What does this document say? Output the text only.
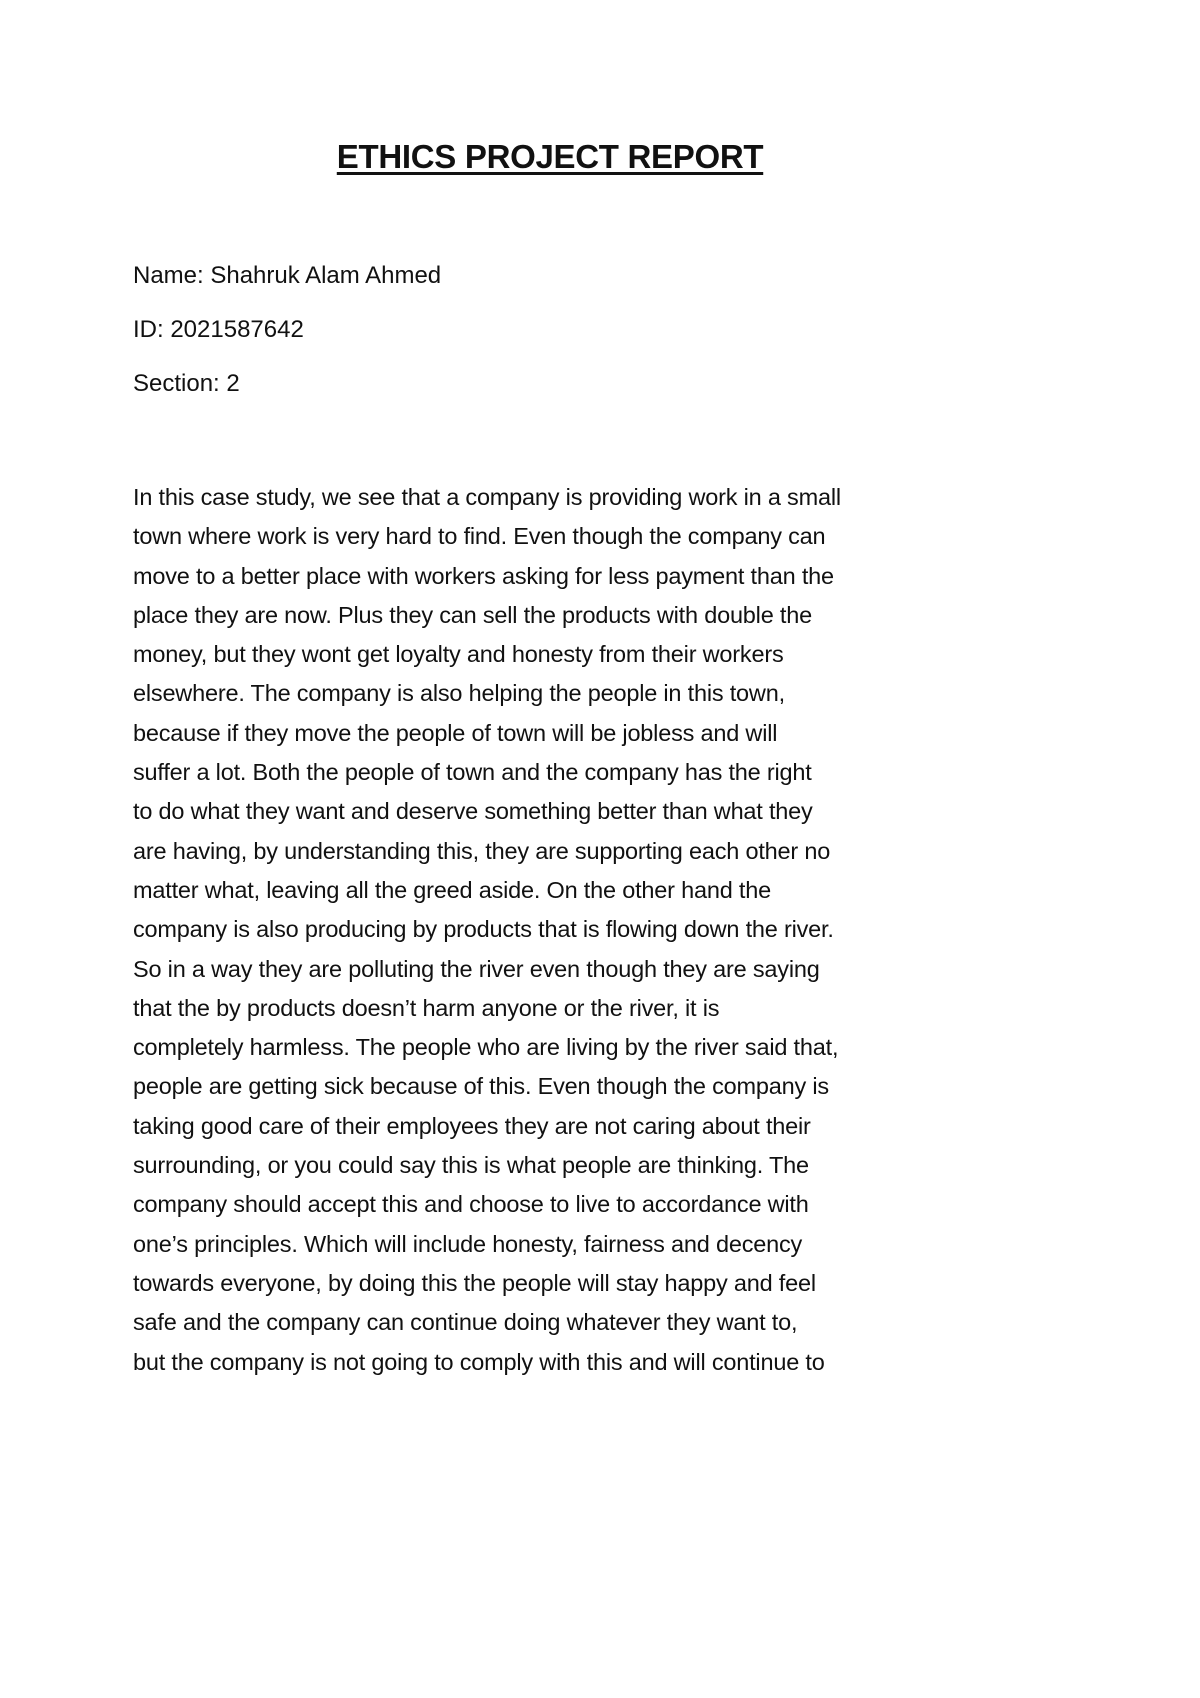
ETHICS PROJECT REPORT
Name: Shahruk Alam Ahmed
ID: 2021587642
Section: 2
In this case study, we see that a company is providing work in a small
town where work is very hard to find. Even though the company can
move to a better place with workers asking for less payment than the
place they are now. Plus they can sell the products with double the
money, but they wont get loyalty and honesty from their workers
elsewhere. The company is also helping the people in this town,
because if they move the people of town will be jobless and will
suffer a lot. Both the people of town and the company has the right
to do what they want and deserve something better than what they
are having, by understanding this, they are supporting each other no
matter what, leaving all the greed aside. On the other hand the
company is also producing by products that is flowing down the river.
So in a way they are polluting the river even though they are saying
that the by products doesn’t harm anyone or the river, it is
completely harmless. The people who are living by the river said that,
people are getting sick because of this. Even though the company is
taking good care of their employees they are not caring about their
surrounding, or you could say this is what people are thinking. The
company should accept this and choose to live to accordance with
one’s principles. Which will include honesty, fairness and decency
towards everyone, by doing this the people will stay happy and feel
safe and the company can continue doing whatever they want to,
but the company is not going to comply with this and will continue to
